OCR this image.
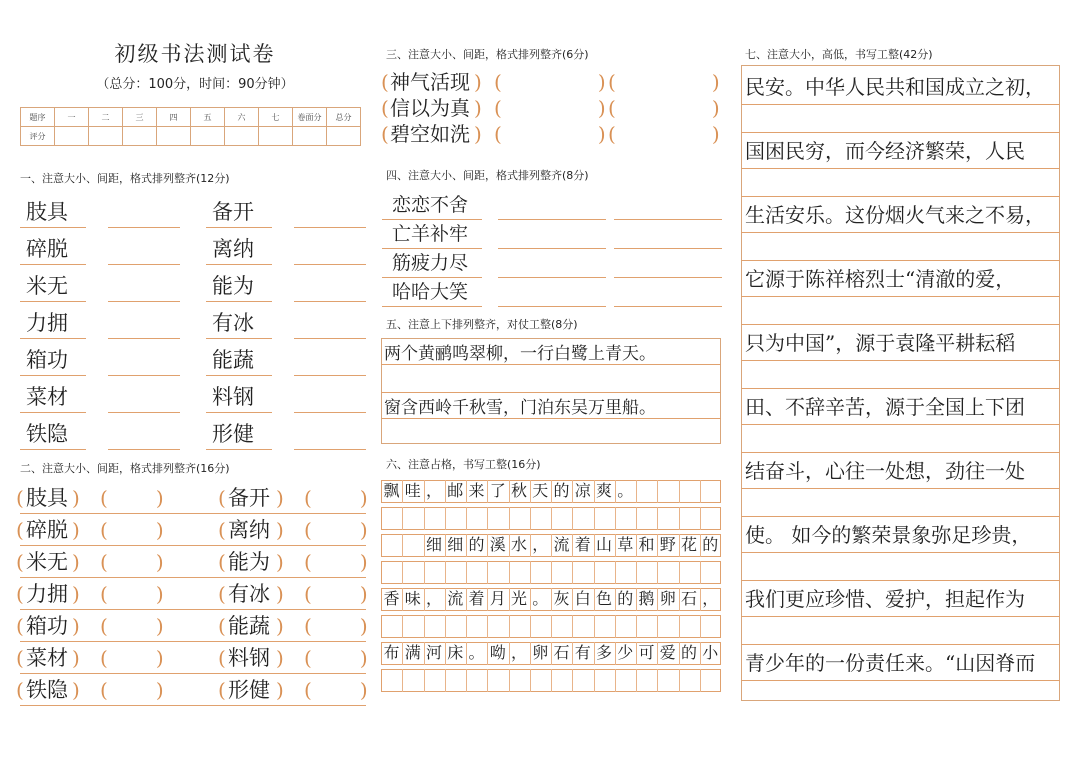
初级书法测试卷
（总分：100分，时间：90分钟）
题序	一	二	三	四	五	六	七	卷面分	总分
评分									
一、注意大小、间距，格式排列整齐(12分)
肢具	备开
碎脱	离纳
米无	能为
力拥	有冰
箱功	能蔬
菜材	料钢
铁隐	形健
二、注意大小、间距，格式排列整齐(16分)
( 肢具 ) ( )	( 备开 ) ( )
( 碎脱 ) ( )	( 离纳 ) ( )
( 米无 ) ( )	( 能为 ) ( )
( 力拥 ) ( )	( 有冰 ) ( )
( 箱功 ) ( )	( 能蔬 ) ( )
( 菜材 ) ( )	( 料钢 ) ( )
( 铁隐 ) ( )	( 形健 ) ( )
三、注意大小、间距，格式排列整齐(6分)
( 神气活现 ) (	) (	)
( 信以为真 ) (	) (	)
( 碧空如洗 ) (	) (	)
四、注意大小、间距，格式排列整齐(8分)
恋恋不舍
亡羊补牢
筋疲力尽
哈哈大笑
五、注意上下排列整齐，对仗工整(8分)
两个黄鹂鸣翠柳，一行白鹭上青天。
窗含西岭千秋雪，门泊东吴万里船。
六、注意占格，书写工整(16分)
飘 哇 ， 邮 来 了 秋 天 的 凉 爽 。

细 细 的 溪 水 ， 流 着 山 草 和 野 花 的
香 味 ， 流 着 月 光 。 灰 白 色 的 鹅 卵 石 ，
布 满 河 床 。 呦 ， 卵 石 有 多 少 可 爱 的 小
七、注意大小，高低，书写工整(42分)
民安。中华人民共和国成立之初，
国困民穷，而今经济繁荣，人民
生活安乐。这份烟火气来之不易，
它源于陈祥榕烈士“清澈的爱，
只为中国”，源于袁隆平耕耘稻
田、不辞辛苦，源于全国上下团
结奋斗，心往一处想，劲往一处
使。 如今的繁荣景象弥足珍贵，
我们更应珍惜、爱护，担起作为
青少年的一份责任来。“山因脊而
